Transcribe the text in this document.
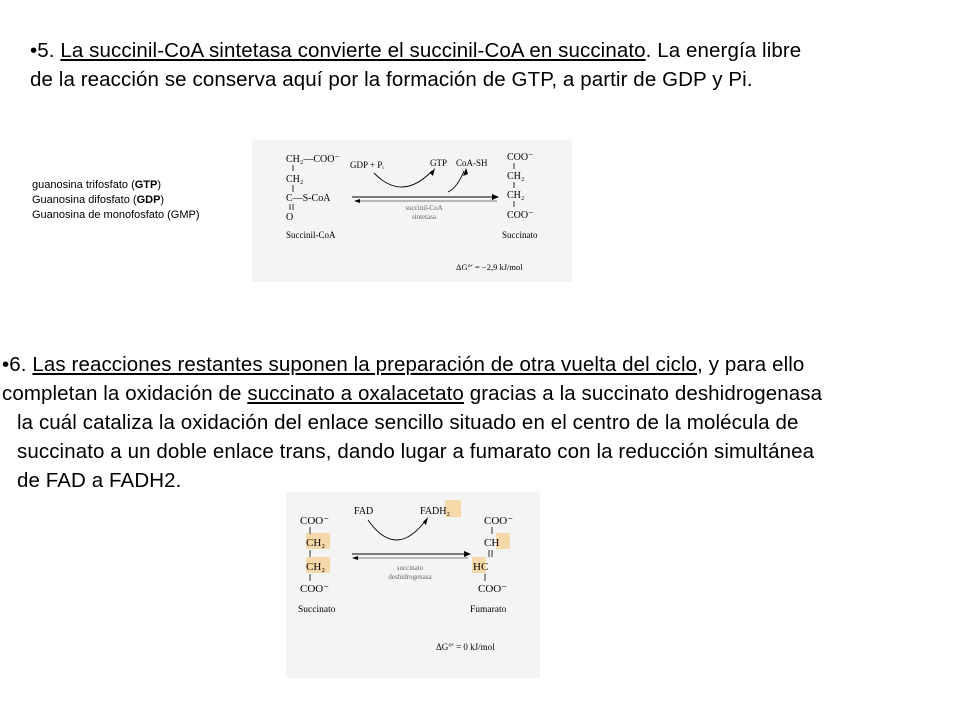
•5. La succinil-CoA sintetasa convierte el succinil-CoA en succinato. La energía libre
de la reacción se conserva aquí por la formación de GTP, a partir de GDP y Pi.
guanosina trifosfato (GTP)
Guanosina difosfato (GDP)
Guanosina de monofosfato (GMP)
CH₂—COO⁻
CH₂
C—S-CoA
O
Succinil-CoA
GDP + Pᵢ	GTP CoA-SH
succinil-CoA
sintetasa
COO⁻
CH₂
CH₂
COO⁻
Succinato
ΔG°′ = −2,9 kJ/mol
•6. Las reacciones restantes suponen la preparación de otra vuelta del ciclo, y para ello
completan la oxidación de succinato a oxalacetato gracias a la succinato deshidrogenasa
la cuál cataliza la oxidación del enlace sencillo situado en el centro de la molécula de
succinato a un doble enlace trans, dando lugar a fumarato con la reducción simultánea
de FAD a FADH2.
COO⁻
CH₂
CH₂
COO⁻
Succinato
FAD	FADH₂
succinato
deshidrogenasa
COO⁻
CH
HC
COO⁻
Fumarato
ΔG°′ = 0 kJ/mol
